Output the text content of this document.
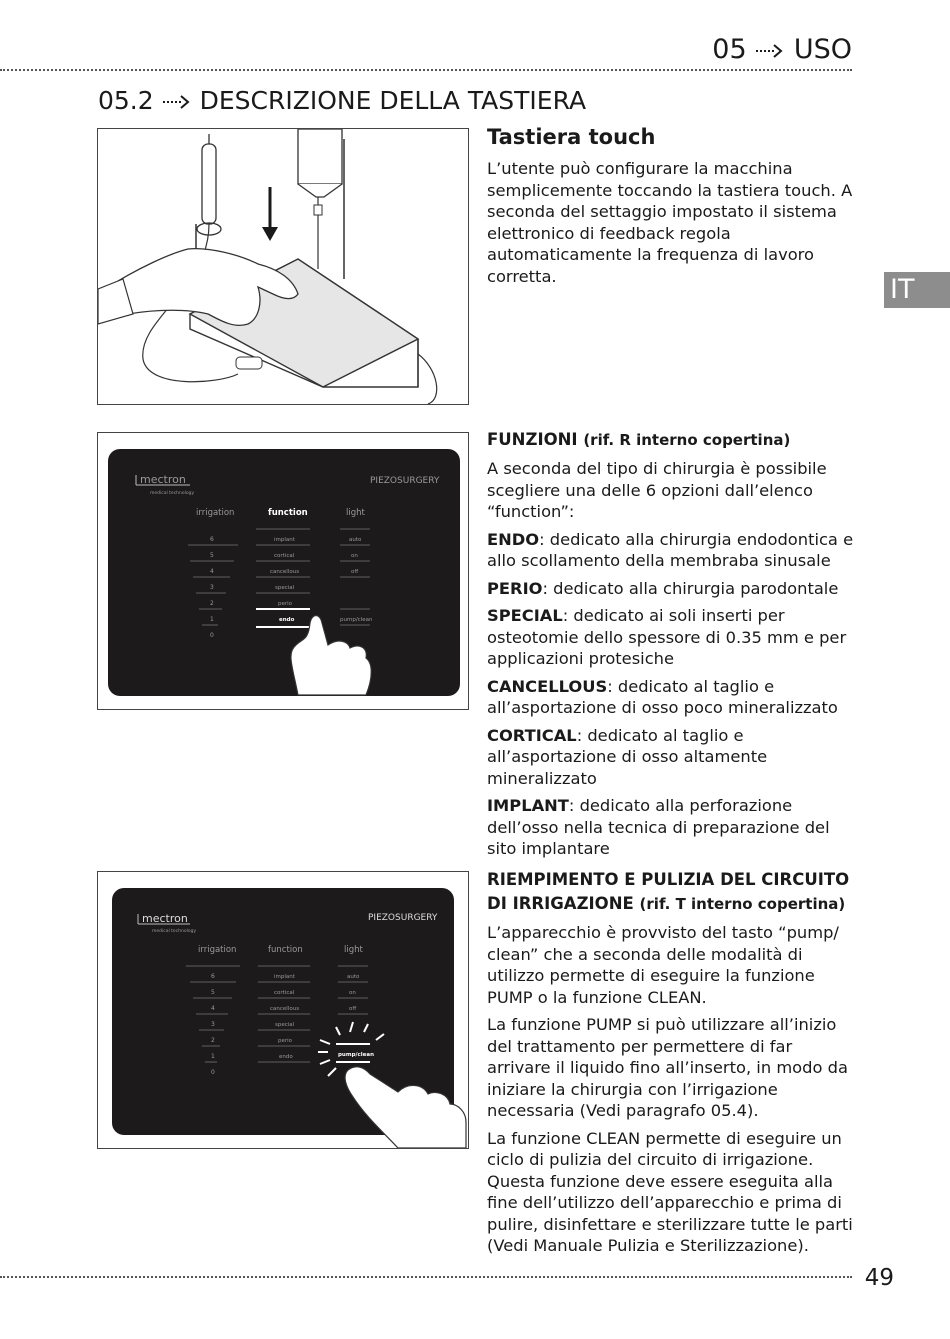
05 USO
05.2 DESCRIZIONE DELLA TASTIERA
IT
Tastiera touch

L’utente può configurare la macchina semplicemente toccando la tastiera touch. A seconda del settaggio impostato il sistema elettronico di feedback regola automaticamente la frequenza di lavoro corretta.

mectron
medical technology
PIEZOSURGERY
irrigation	function	light
6
5
4
3
2
1
0
implant
cortical
cancellous
special
perio
endo
auto
on
off
pump/clean
FUNZIONI (rif. R interno copertina)

A seconda del tipo di chirurgia è possibile scegliere una delle 6 opzioni dall’elenco “function”:

ENDO: dedicato alla chirurgia endodontica e allo scollamento della membraba sinusale

PERIO: dedicato alla chirurgia parodontale

SPECIAL: dedicato ai soli inserti per osteotomie dello spessore di 0.35 mm e per applicazioni protesiche

CANCELLOUS: dedicato al taglio e all’asportazione di osso poco mineralizzato

CORTICAL: dedicato al taglio e all’asportazione di osso altamente mineralizzato

IMPLANT: dedicato alla perforazione dell’osso nella tecnica di preparazione del sito implantare

mectron
medical technology
PIEZOSURGERY
irrigation	function	light
6
5
4
3
2
1
0
implant
cortical
cancellous
special
perio
endo
auto
on
off
pump/clean
RIEMPIMENTO E PULIZIA DEL CIRCUITO DI IRRIGAZIONE (rif. T interno copertina)

L’apparecchio è provvisto del tasto “pump/ clean” che a seconda delle modalità di utilizzo permette di eseguire la funzione PUMP o la funzione CLEAN.

La funzione PUMP si può utilizzare all’inizio del trattamento per permettere di far arrivare il liquido fino all’inserto, in modo da iniziare la chirurgia con l’irrigazione necessaria (Vedi paragrafo 05.4).

La funzione CLEAN permette di eseguire un ciclo di pulizia del circuito di irrigazione. Questa funzione deve essere eseguita alla fine dell’utilizzo dell’apparecchio e prima di pulire, disinfettare e sterilizzare tutte le parti (Vedi Manuale Pulizia e Sterilizzazione).

49
